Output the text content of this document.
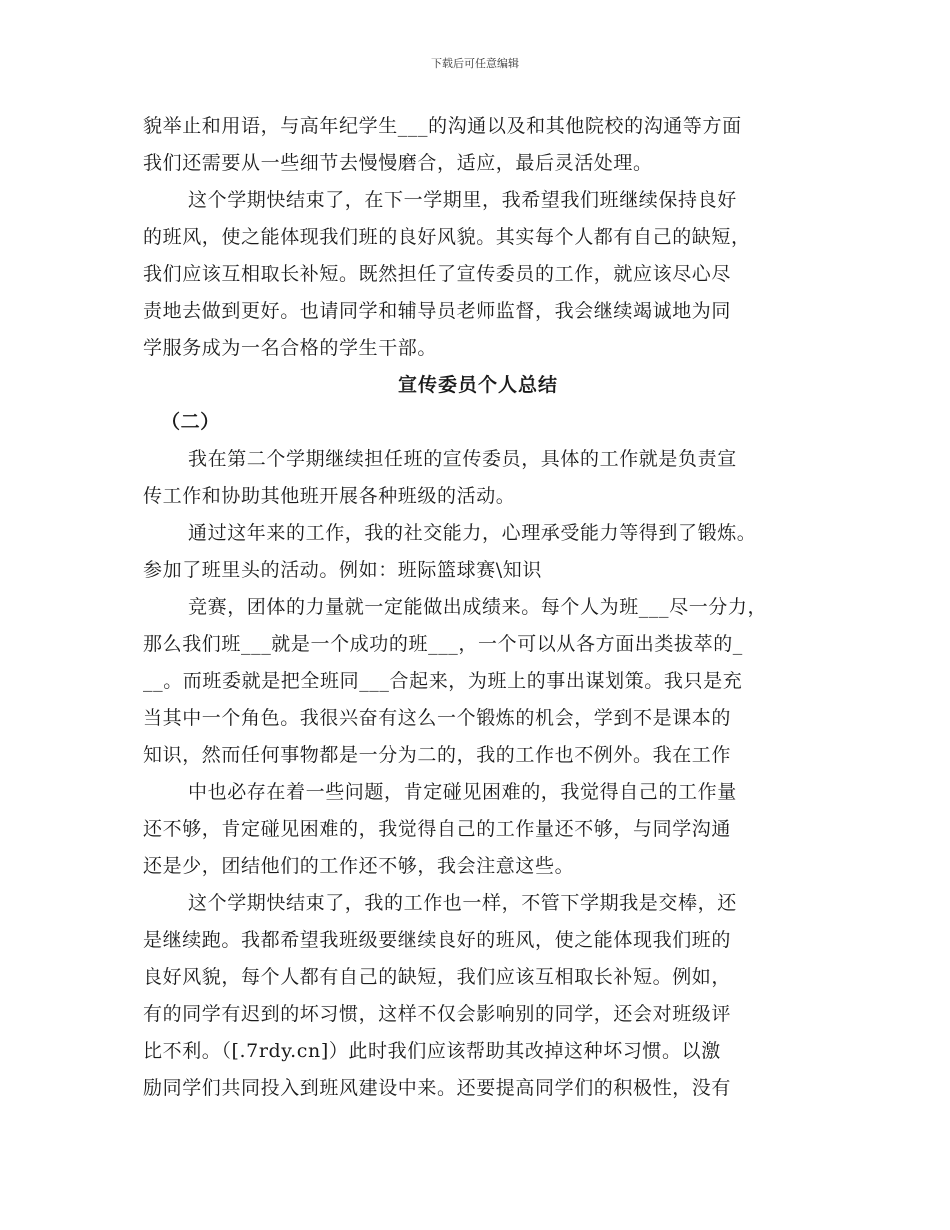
下载后可任意编辑
貌举止和用语，与高年纪学生___的沟通以及和其他院校的沟通等方面
我们还需要从一些细节去慢慢磨合，适应，最后灵活处理。
这个学期快结束了，在下一学期里，我希望我们班继续保持良好
的班风，使之能体现我们班的良好风貌。其实每个人都有自己的缺短，
我们应该互相取长补短。既然担任了宣传委员的工作，就应该尽心尽
责地去做到更好。也请同学和辅导员老师监督，我会继续竭诚地为同
学服务成为一名合格的学生干部。
宣传委员个人总结
（二）
我在第二个学期继续担任班的宣传委员，具体的工作就是负责宣
传工作和协助其他班开展各种班级的活动。
通过这年来的工作，我的社交能力，心理承受能力等得到了锻炼。
参加了班里头的活动。例如：班际篮球赛\知识
竞赛，团体的力量就一定能做出成绩来。每个人为班___尽一分力，
那么我们班___就是一个成功的班___，一个可以从各方面出类拔萃的_
__。而班委就是把全班同___合起来，为班上的事出谋划策。我只是充
当其中一个角色。我很兴奋有这么一个锻炼的机会，学到不是课本的
知识，然而任何事物都是一分为二的，我的工作也不例外。我在工作
中也必存在着一些问题，肯定碰见困难的，我觉得自己的工作量
还不够，肯定碰见困难的，我觉得自己的工作量还不够，与同学沟通
还是少，团结他们的工作还不够，我会注意这些。
这个学期快结束了，我的工作也一样，不管下学期我是交棒，还
是继续跑。我都希望我班级要继续良好的班风，使之能体现我们班的
良好风貌，每个人都有自己的缺短，我们应该互相取长补短。例如，
有的同学有迟到的坏习惯，这样不仅会影响别的同学，还会对班级评
比不利。（[.7rdy.cn]）此时我们应该帮助其改掉这种坏习惯。以激
励同学们共同投入到班风建设中来。还要提高同学们的积极性，没有
